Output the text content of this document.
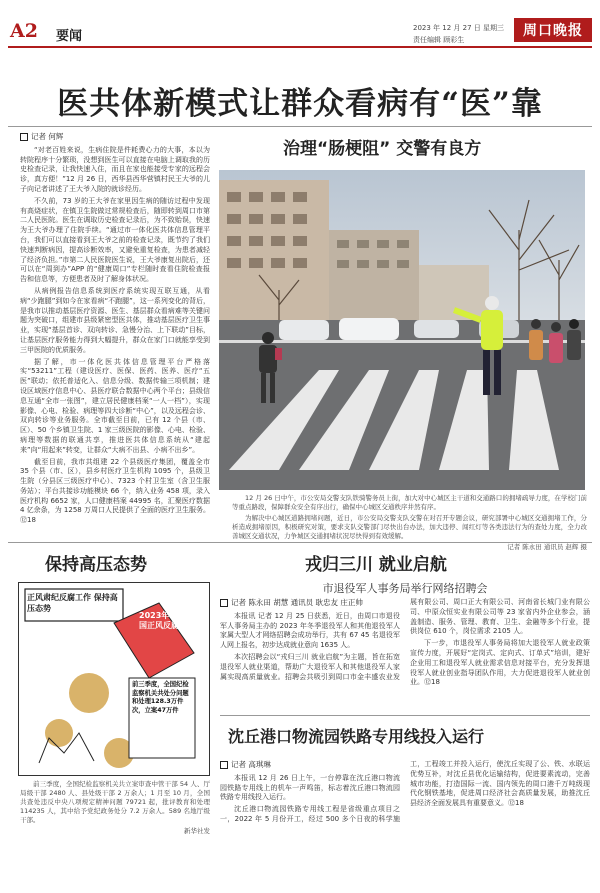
A2 要闻
2023 年 12 月 27 日 星期三
责任编辑 顾彩生
周口晚报
医共体新模式让群众看病有“医”靠
记者 何辉

“对老百姓来说，生病住院是件耗费心力的大事，本以为转院程序十分繁琐，没想到医生可以直接在电脑上调取我的历史检查记录，让我快速入住，而且在家也能接受专家的远程会诊，真方便！”12 月 26 日，西华县西华营镇村民王大爷的儿子向记者讲述了王大爷入院的就诊经历。

不久前，73 岁的王大爷在家里因生病的随访过程中发现有高烧症状，在镇卫生院做过常规检查后，随即转到周口市第二人民医院。医生在调取历史检查记录后，为不致贻误，快速为王大爷办理了住院手续。“通过市一体化医共体信息管理平台，我们可以直接看到王大爷之前的检查记录，既节约了我们快速判断病因，提高诊断效率，又避免重复检查，为患者减轻了经济负担。”市第二人民医院医生说，王大爷康复出院后，还可以在“周到办”APP 的“健康周口”专栏随时查看住院检查报告和信息等，方便患者及时了解身体状况。

从病例报告信息系统到医疗系统实现互联互通，从看病“少跑腿”到如今在家看病“不跑腿”，这一系列变化的背后，是我市以推动基层医疗资源、医生、基层群众看病难等关键问题为突破口，组建市县级紧密型医共体，推动基层医疗卫生事业，实现“基层首诊、双向转诊、急慢分治、上下联动”目标，让基层医疗服务能力得到大幅提升，群众在家门口就能享受到三甲医院的优质服务。

据了解，市一体化医共体信息管理平台严格落实“53211”工程（建设医疗、医保、医药、医养、医疗“五医”联动；依托普适化入、信息分级、数据传输三项机制；建设区域医疗信息中心、县医疗联合数据中心两个平台；县级信息互通“全市一张图”，建立居民健康档案“一人一档”），实现影像、心电、检验、病理等四大诊断“中心”，以及远程会诊、双向转诊等业务服务。全市截至目前，已有 12 个县（市、区）、50 个乡镇卫生院、1 家三级医院的影像、心电、检验、病理等数据的联通共享，推进医共体信息系统从“建起来”向“用起来”转变，让群众“大病不出县、小病不出乡”。

截至目前，我市共组建 22 个县级医疗集团，覆盖全市 35 个县（市、区），县乡村医疗卫生机构 1095 个，县级卫生院（分县区三级医疗中心）、7323 个村卫生室（含卫生服务站）；平台共接诊功能模块 66 个，纳入业务 458 项，录入医疗机构 6652 家，人口健康档案 44995 名，汇聚医疗数据 4 亿余条，为 1258 万周口人民提供了全面的医疗卫生服务。⑫18

治理“肠梗阻” 交警有良方

12 月 26 日中午，市公安局交警支队铁骑警务员上街，加大对中心城区主干道和交通路口的拥堵疏导力度，在学校门前等重点路段，保障群众安全有序出行，确保中心城区交通秩序井然有序。

为解决中心城区道路拥堵问题，近日，市公安局交警支队交警在对召开专题会议，研究部署中心城区交通拥堵工作，分析造成拥堵原因，积极研究对策，要求支队交警部门尽快出台办法，加大违停、闯红灯等各类违法行为的查处力度，全力改善城区交通状况，力争城区交通拥堵状况尽快得到有效缓解。

记者 陈永田 通讯员 赵辉 摄
保持高压态势
正风肃纪反腐工作 保持高压态势
2023年 中国正风反腐
前三季度，全国纪检监察机关共处分问题和处理128.3万件次，立案47万件

前三季度，全国纪检监察机关共立案审查中管干部 54 人、厅局级干部 2480 人、县处级干部 2 万余人；1 月至 10 月，全国共查处违反中央八项规定精神问题 79721 起，批评教育和处理 114235 人，其中给予党纪政务处分 7.2 万余人。589 名地厅级干部。

新华社发
戎归三川 就业启航
市退役军人事务局举行网络招聘会
记者 陈永田 胡慧 通讯员 耿忠友 庄正帅

本报讯 记者 12 月 25 日获悉，近日，由周口市退役军人事务局主办的 2023 年冬季退役军人和其他退役军人家属大型人才网络招聘会成功举行，共有 67 45 名退役军人网上报名，初步达成就业意向 1635 人。

本次招聘会以“戎归三川 就业启航”为主题，旨在拓宽退役军人就业渠道，帮助广大退役军人和其他退役军人家属实现高质量就业。招聘会共吸引到周口市金丰盛农业发展有限公司、周口正大有限公司、河南省长城门业有限公司、中原众恒实业有限公司等 23 家省内外企业参会，涵盖制造、服务、管理、教育、卫生、金融等多个行业，提供岗位 610 个，岗位需求 2105 人。

下一步，市退役军人事务局将加大退役军人就业政策宣传力度，开展好“定岗式、定向式、订单式”培训，建好企业用工和退役军人就业需求信息对接平台，充分发挥退役军人就业创业指导团队作用，大力促进退役军人就业创业。⑫18

沈丘港口物流园铁路专用线投入运行
记者 高琪琳

本报讯 12 月 26 日上午，一台停靠在沈丘港口物流园铁路专用线上的机车一声鸣笛，标志着沈丘港口物流园铁路专用线投入运行。

沈丘港口物流园铁路专用线工程是省级重点项目之一，2022 年 5 月份开工，经过 500 多个日夜的科学施工，工程竣工并投入运行，使沈丘实现了公、铁、水联运优势互补，对沈丘县优化运输结构，促进要素流动，完善城市功能，打造国际一流、国内领先的周口港千万吨级现代化钢铁基地，促进周口经济社会高质量发展，助推沈丘县经济全面发展具有重要意义。⑫18
